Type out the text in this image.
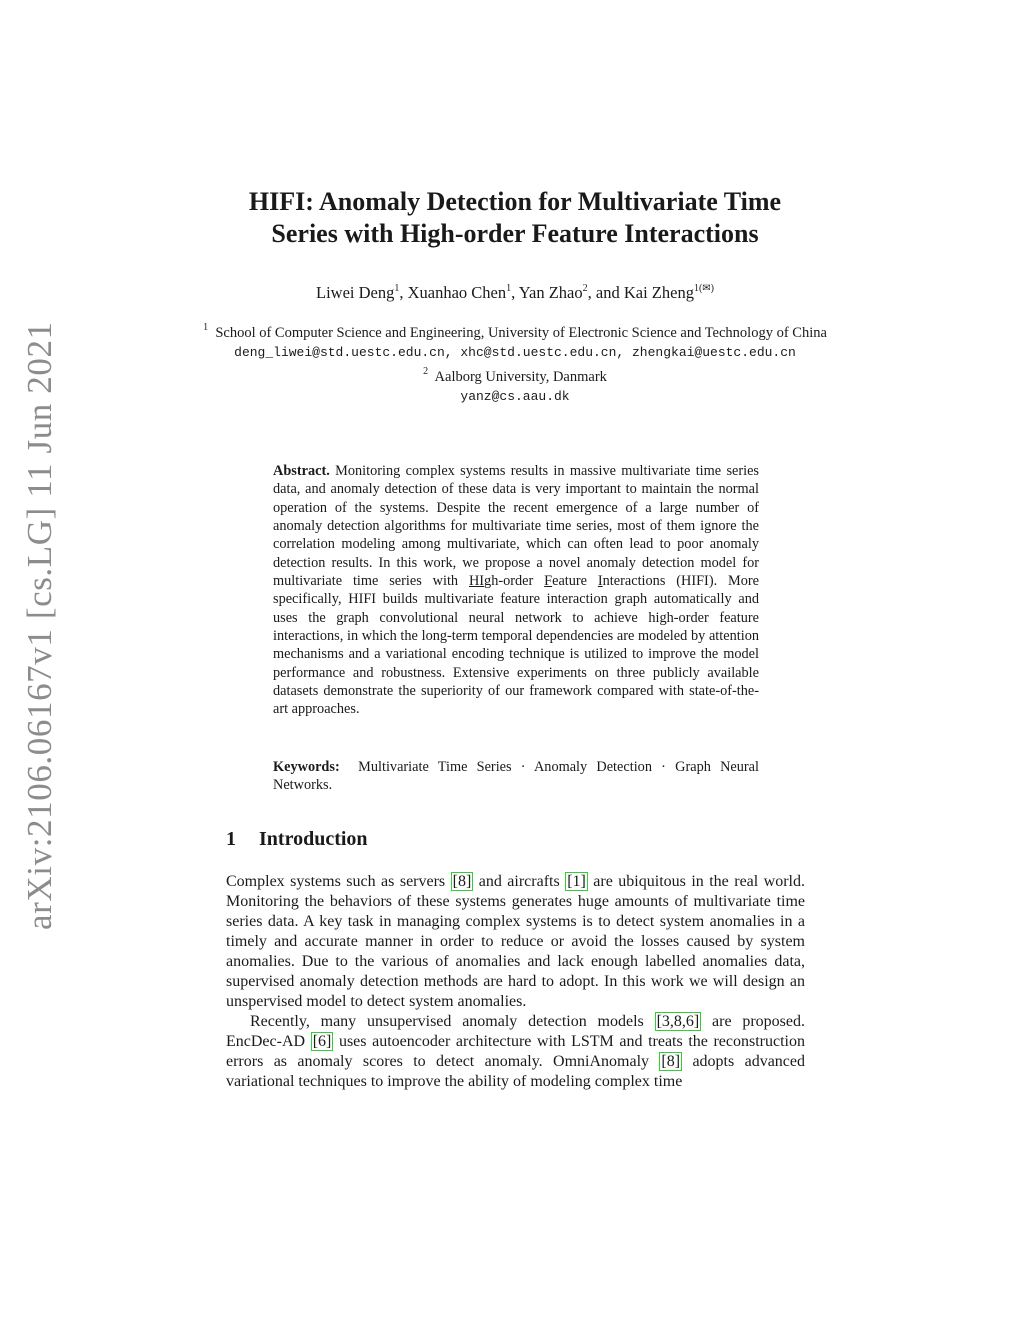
arXiv:2106.06167v1 [cs.LG] 11 Jun 2021
HIFI: Anomaly Detection for Multivariate Time
Series with High-order Feature Interactions
Liwei Deng$^1$, Xuanhao Chen$^1$, Yan Zhao$^2$, and Kai Zheng$^{1(✉)}$
$^1$ School of Computer Science and Engineering, University of Electronic Science and Technology of China
deng_liwei@std.uestc.edu.cn, xhc@std.uestc.edu.cn, zhengkai@uestc.edu.cn
$^2$ Aalborg University, Danmark
yanz@cs.aau.dk
Abstract. Monitoring complex systems results in massive multivariate time series data, and anomaly detection of these data is very important to maintain the normal operation of the systems. Despite the recent emergence of a large number of anomaly detection algorithms for multivariate time series, most of them ignore the correlation modeling among multivariate, which can often lead to poor anomaly detection results. In this work, we propose a novel anomaly detection model for multivariate time series with HIgh-order Feature Interactions (HIFI). More specifically, HIFI builds multivariate feature interaction graph automatically and uses the graph convolutional neural network to achieve high-order feature interactions, in which the long-term temporal dependencies are modeled by attention mechanisms and a variational encoding technique is utilized to improve the model performance and robustness. Extensive experiments on three publicly available datasets demonstrate the superiority of our framework compared with state-of-the-art approaches.
Keywords: Multivariate Time Series · Anomaly Detection · Graph Neural Networks.
1 Introduction

Complex systems such as servers [8] and aircrafts [1] are ubiquitous in the real world. Monitoring the behaviors of these systems generates huge amounts of multivariate time series data. A key task in managing complex systems is to detect system anomalies in a timely and accurate manner in order to reduce or avoid the losses caused by system anomalies. Due to the various of anomalies and lack enough labelled anomalies data, supervised anomaly detection methods are hard to adopt. In this work we will design an unspervised model to detect system anomalies.

Recently, many unsupervised anomaly detection models [3,8,6] are proposed. EncDec-AD [6] uses autoencoder architecture with LSTM and treats the reconstruction errors as anomaly scores to detect anomaly. OmniAnomaly [8] adopts advanced variational techniques to improve the ability of modeling complex time
